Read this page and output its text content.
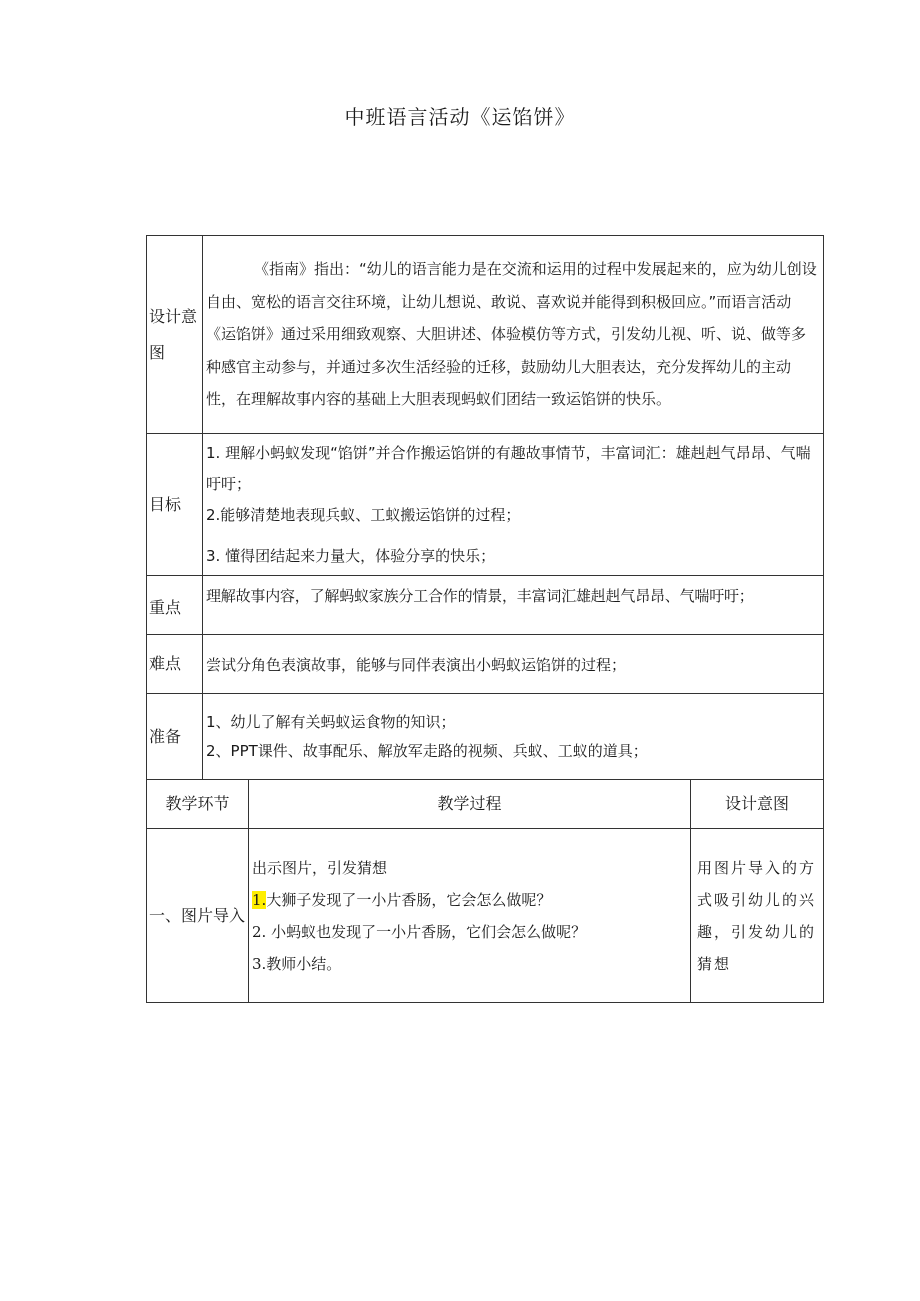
中班语言活动《运馅饼》
设计意图	《指南》指出：“幼儿的语言能力是在交流和运用的过程中发展起来的，应为幼儿创设自由、宽松的语言交往环境，让幼儿想说、敢说、喜欢说并能得到积极回应。”而语言活动《运馅饼》通过采用细致观察、大胆讲述、体验模仿等方式，引发幼儿视、听、说、做等多种感官主动参与，并通过多次生活经验的迁移，鼓励幼儿大胆表达，充分发挥幼儿的主动性，在理解故事内容的基础上大胆表现蚂蚁们团结一致运馅饼的快乐。		

目标	1. 理解小蚂蚁发现“馅饼”并合作搬运馅饼的有趣故事情节，丰富词汇：雄赳赳气昂昂、气喘吁吁；

2.能够清楚地表现兵蚁、工蚁搬运馅饼的过程；

3. 懂得团结起来力量大，体验分享的快乐；		

重点	理解故事内容，了解蚂蚁家族分工合作的情景，丰富词汇雄赳赳气昂昂、气喘吁吁；		
难点	尝试分角色表演故事，能够与同伴表演出小蚂蚁运馅饼的过程；		
准备	1、幼儿了解有关蚂蚁运食物的知识；

2、PPT课件、故事配乐、解放军走路的视频、兵蚁、工蚁的道具；		

教学环节		教学过程	设计意图
一、图片导入		出示图片，引发猜想

1.大狮子发现了一小片香肠，它会怎么做呢？

2. 小蚂蚁也发现了一小片香肠，它们会怎么做呢？

3.教师小结。	用图片导入的方式吸引幼儿的兴趣，引发幼儿的猜想
